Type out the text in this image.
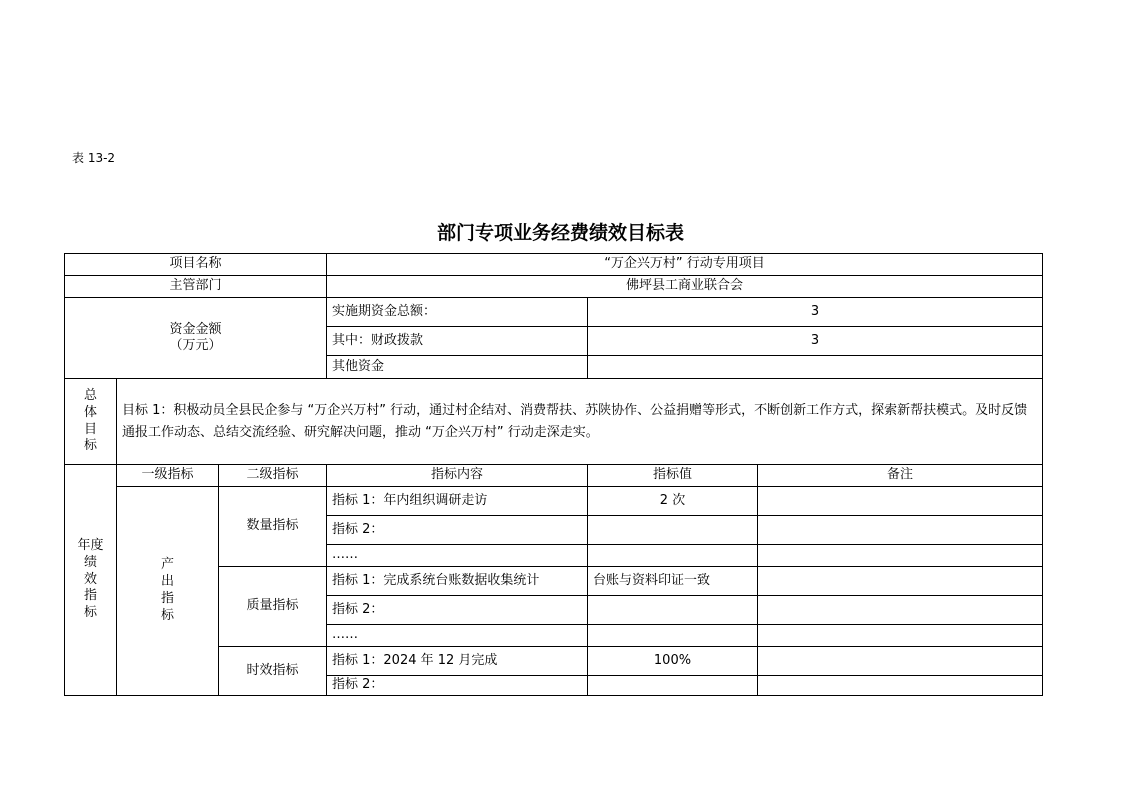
表 13-2
部门专项业务经费绩效目标表
项目名称			“万企兴万村” 行动专用项目		
主管部门			佛坪县工商业联合会		

资金金额
（万元）			实施期资金总额：	3	
			其中：财政拨款	3	
			其他资金		

总
体
目
标	目标 1：积极动员全县民企参与 “万企兴万村” 行动，通过村企结对、消费帮扶、苏陕协作、公益捐赠等形式，不断创新工作方式，探索新帮扶模式。及时反馈通报工作动态、总结交流经验、研究解决问题，推动 “万企兴万村” 行动走深走实。				

年度
绩
效
指
标	一级指标	二级指标	指标内容	指标值	备注

	产
出
指
标	数量指标	指标 1：年内组织调研走访	2 次	
			指标 2：		
			……		
		质量指标	指标 1：完成系统台账数据收集统计	台账与资料印证一致	
			指标 2：		
			……		
		时效指标	指标 1：2024 年 12 月完成	100%	
			指标 2：		
